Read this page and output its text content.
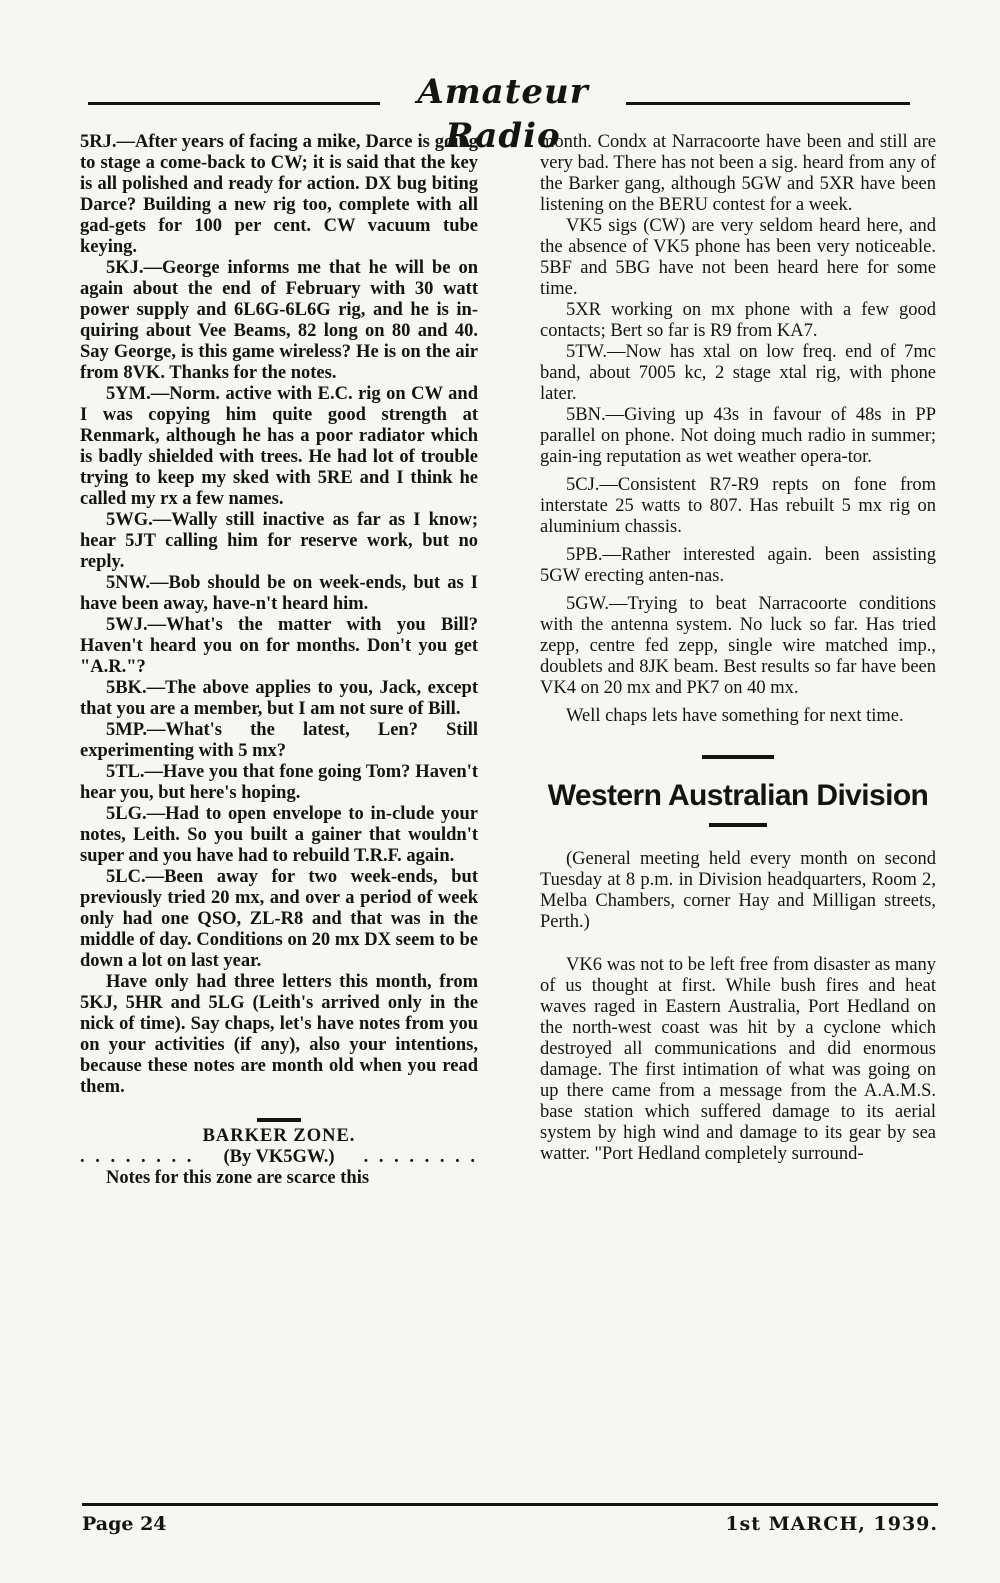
Amateur Radio

5RJ.—After years of facing a mike, Darce is going to stage a come-back to CW; it is said that the key is all polished and ready for action. DX bug biting Darce? Building a new rig too, complete with all gad-gets for 100 per cent. CW vacuum tube keying.

5KJ.—George informs me that he will be on again about the end of February with 30 watt power supply and 6L6G-6L6G rig, and he is in-quiring about Vee Beams, 82 long on 80 and 40. Say George, is this game wireless? He is on the air from 8VK. Thanks for the notes.

5YM.—Norm. active with E.C. rig on CW and I was copying him quite good strength at Renmark, although he has a poor radiator which is badly shielded with trees. He had lot of trouble trying to keep my sked with 5RE and I think he called my rx a few names.

5WG.—Wally still inactive as far as I know; hear 5JT calling him for reserve work, but no reply.

5NW.—Bob should be on week-ends, but as I have been away, have-n't heard him.

5WJ.—What's the matter with you Bill? Haven't heard you on for months. Don't you get "A.R."?

5BK.—The above applies to you, Jack, except that you are a member, but I am not sure of Bill.

5MP.—What's the latest, Len? Still experimenting with 5 mx?

5TL.—Have you that fone going Tom? Haven't hear you, but here's hoping.

5LG.—Had to open envelope to in-clude your notes, Leith. So you built a gainer that wouldn't super and you have had to rebuild T.R.F. again.

5LC.—Been away for two week-ends, but previously tried 20 mx, and over a period of week only had one QSO, ZL-R8 and that was in the middle of day. Conditions on 20 mx DX seem to be down a lot on last year.

Have only had three letters this month, from 5KJ, 5HR and 5LG (Leith's arrived only in the nick of time). Say chaps, let's have notes from you on your activities (if any), also your intentions, because these notes are month old when you read them.

BARKER ZONE.
. . . . . . . . (By VK5GW.) . . . . . . . .

Notes for this zone are scarce this

month. Condx at Narracoorte have been and still are very bad. There has not been a sig. heard from any of the Barker gang, although 5GW and 5XR have been listening on the BERU contest for a week.

VK5 sigs (CW) are very seldom heard here, and the absence of VK5 phone has been very noticeable. 5BF and 5BG have not been heard here for some time.

5XR working on mx phone with a few good contacts; Bert so far is R9 from KA7.

5TW.—Now has xtal on low freq. end of 7mc band, about 7005 kc, 2 stage xtal rig, with phone later.

5BN.—Giving up 43s in favour of 48s in PP parallel on phone. Not doing much radio in summer; gain-ing reputation as wet weather opera-tor.

5CJ.—Consistent R7-R9 repts on fone from interstate 25 watts to 807. Has rebuilt 5 mx rig on aluminium chassis.

5PB.—Rather interested again. been assisting 5GW erecting anten-nas.

5GW.—Trying to beat Narracoorte conditions with the antenna system. No luck so far. Has tried zepp, centre fed zepp, single wire matched imp., doublets and 8JK beam. Best results so far have been VK4 on 20 mx and PK7 on 40 mx.

Well chaps lets have something for next time.

Western Australian Division

(General meeting held every month on second Tuesday at 8 p.m. in Division headquarters, Room 2, Melba Chambers, corner Hay and Milligan streets, Perth.)

VK6 was not to be left free from disaster as many of us thought at first. While bush fires and heat waves raged in Eastern Australia, Port Hedland on the north-west coast was hit by a cyclone which destroyed all communications and did enormous damage. The first intimation of what was going on up there came from a message from the A.A.M.S. base station which suffered damage to its aerial system by high wind and damage to its gear by sea watter. "Port Hedland completely surround-

Page 24	1st MARCH, 1939.
